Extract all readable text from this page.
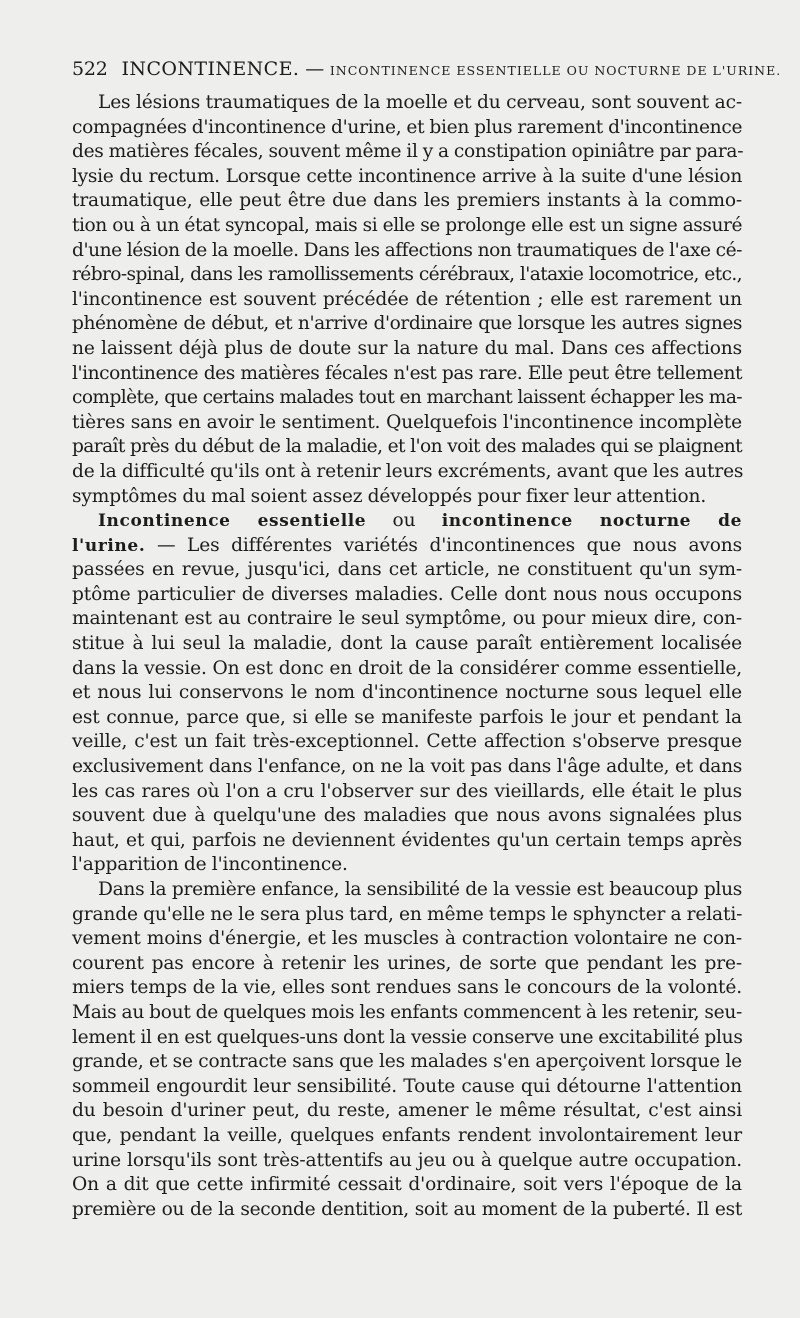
522 INCONTINENCE. — INCONTINENCE ESSENTIELLE OU NOCTURNE DE L'URINE.
Les lésions traumatiques de la moelle et du cerveau, sont souvent ac-
compagnées d'incontinence d'urine, et bien plus rarement d'incontinence
des matières fécales, souvent même il y a constipation opiniâtre par para-
lysie du rectum. Lorsque cette incontinence arrive à la suite d'une lésion
traumatique, elle peut être due dans les premiers instants à la commo-
tion ou à un état syncopal, mais si elle se prolonge elle est un signe assuré
d'une lésion de la moelle. Dans les affections non traumatiques de l'axe cé-
rébro-spinal, dans les ramollissements cérébraux, l'ataxie locomotrice, etc.,
l'incontinence est souvent précédée de rétention ; elle est rarement un
phénomène de début, et n'arrive d'ordinaire que lorsque les autres signes
ne laissent déjà plus de doute sur la nature du mal. Dans ces affections
l'incontinence des matières fécales n'est pas rare. Elle peut être tellement
complète, que certains malades tout en marchant laissent échapper les ma-
tières sans en avoir le sentiment. Quelquefois l'incontinence incomplète
paraît près du début de la maladie, et l'on voit des malades qui se plaignent
de la difficulté qu'ils ont à retenir leurs excréments, avant que les autres
symptômes du mal soient assez développés pour fixer leur attention.
Incontinence essentielle ou incontinence nocturne de
l'urine. — Les différentes variétés d'incontinences que nous avons
passées en revue, jusqu'ici, dans cet article, ne constituent qu'un sym-
ptôme particulier de diverses maladies. Celle dont nous nous occupons
maintenant est au contraire le seul symptôme, ou pour mieux dire, con-
stitue à lui seul la maladie, dont la cause paraît entièrement localisée
dans la vessie. On est donc en droit de la considérer comme essentielle,
et nous lui conservons le nom d'incontinence nocturne sous lequel elle
est connue, parce que, si elle se manifeste parfois le jour et pendant la
veille, c'est un fait très-exceptionnel. Cette affection s'observe presque
exclusivement dans l'enfance, on ne la voit pas dans l'âge adulte, et dans
les cas rares où l'on a cru l'observer sur des vieillards, elle était le plus
souvent due à quelqu'une des maladies que nous avons signalées plus
haut, et qui, parfois ne deviennent évidentes qu'un certain temps après
l'apparition de l'incontinence.
Dans la première enfance, la sensibilité de la vessie est beaucoup plus
grande qu'elle ne le sera plus tard, en même temps le sphyncter a relati-
vement moins d'énergie, et les muscles à contraction volontaire ne con-
courent pas encore à retenir les urines, de sorte que pendant les pre-
miers temps de la vie, elles sont rendues sans le concours de la volonté.
Mais au bout de quelques mois les enfants commencent à les retenir, seu-
lement il en est quelques-uns dont la vessie conserve une excitabilité plus
grande, et se contracte sans que les malades s'en aperçoivent lorsque le
sommeil engourdit leur sensibilité. Toute cause qui détourne l'attention
du besoin d'uriner peut, du reste, amener le même résultat, c'est ainsi
que, pendant la veille, quelques enfants rendent involontairement leur
urine lorsqu'ils sont très-attentifs au jeu ou à quelque autre occupation.
On a dit que cette infirmité cessait d'ordinaire, soit vers l'époque de la
première ou de la seconde dentition, soit au moment de la puberté. Il est
